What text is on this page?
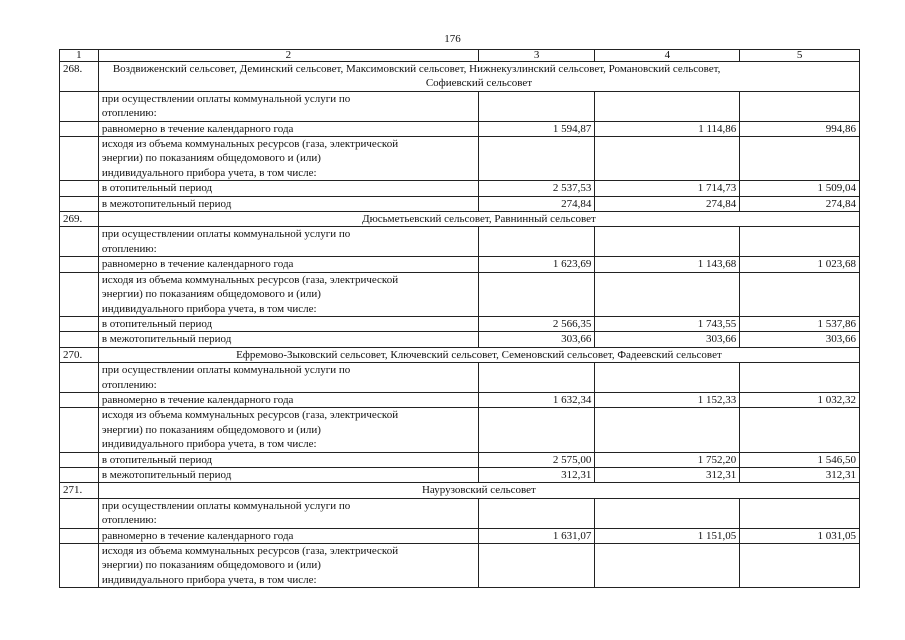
176
1	2	3	4	5
268.	Воздвиженский сельсовет, Деминский сельсовет, Максимовский сельсовет, Нижнекузлинский сельсовет, Романовский сельсовет,
Софиевский сельсовет			
	при осуществлении оплаты коммунальной услуги по
отоплению:			
	равномерно в течение календарного года	1 594,87	1 114,86	994,86
	исходя из объема коммунальных ресурсов (газа, электрической
энергии) по показаниям общедомового и (или)
индивидуального прибора учета, в том числе:			
	в отопительный период	2 537,53	1 714,73	1 509,04
	в межотопительный период	274,84	274,84	274,84
269.	Дюсьметьевский сельсовет, Равнинный сельсовет			
	при осуществлении оплаты коммунальной услуги по
отоплению:			
	равномерно в течение календарного года	1 623,69	1 143,68	1 023,68
	исходя из объема коммунальных ресурсов (газа, электрической
энергии) по показаниям общедомового и (или)
индивидуального прибора учета, в том числе:			
	в отопительный период	2 566,35	1 743,55	1 537,86
	в межотопительный период	303,66	303,66	303,66
270.	Ефремово-Зыковский сельсовет, Ключевский сельсовет, Семеновский сельсовет, Фадеевский сельсовет			
	при осуществлении оплаты коммунальной услуги по
отоплению:			
	равномерно в течение календарного года	1 632,34	1 152,33	1 032,32
	исходя из объема коммунальных ресурсов (газа, электрической
энергии) по показаниям общедомового и (или)
индивидуального прибора учета, в том числе:			
	в отопительный период	2 575,00	1 752,20	1 546,50
	в межотопительный период	312,31	312,31	312,31
271.	Наурузовский сельсовет			
	при осуществлении оплаты коммунальной услуги по
отоплению:			
	равномерно в течение календарного года	1 631,07	1 151,05	1 031,05
	исходя из объема коммунальных ресурсов (газа, электрической
энергии) по показаниям общедомового и (или)
индивидуального прибора учета, в том числе:			
